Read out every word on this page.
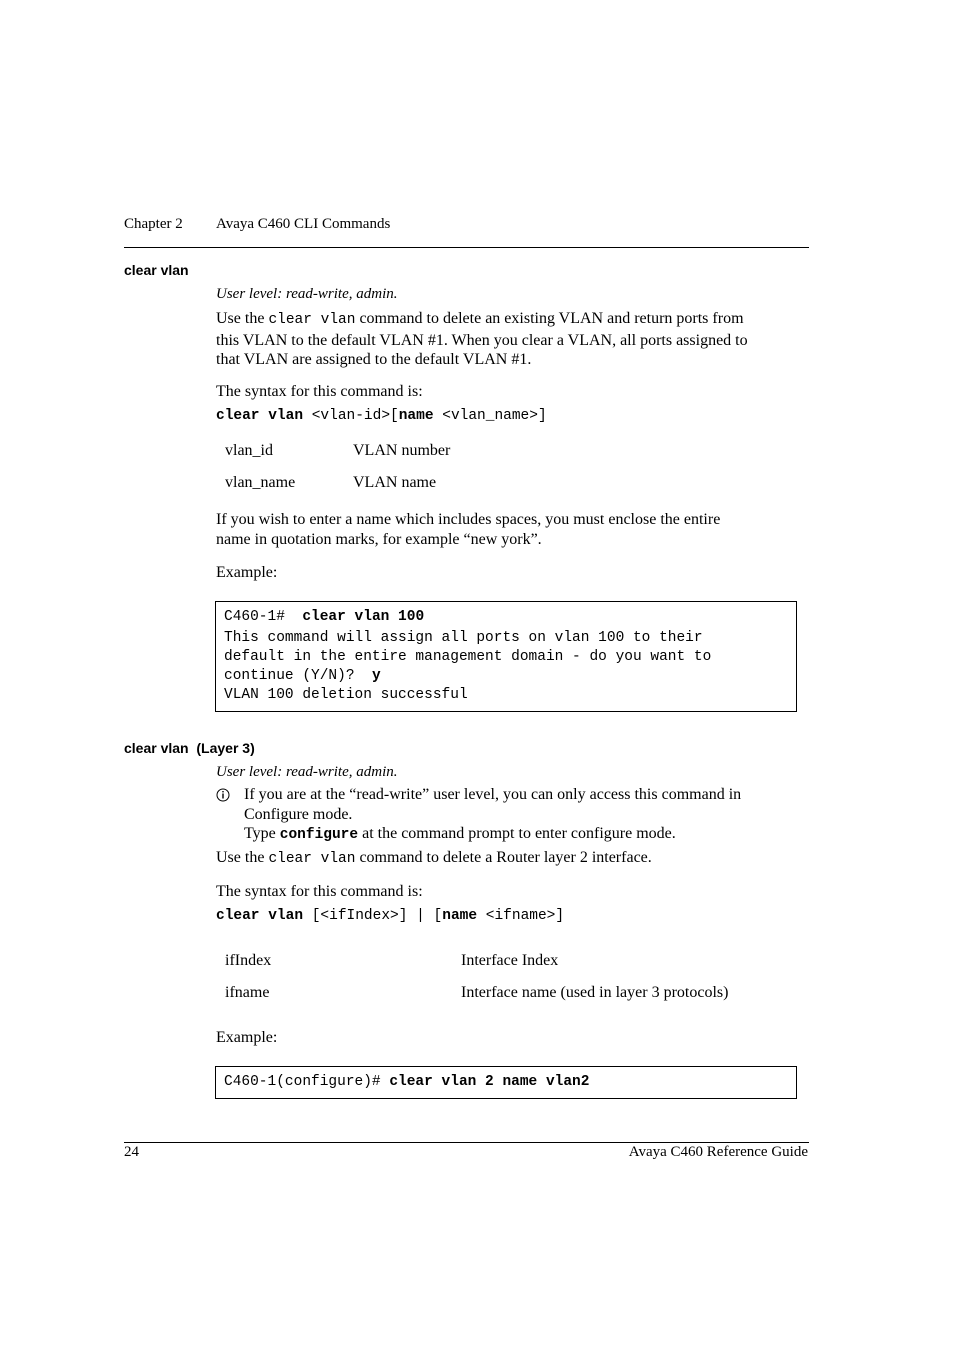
Chapter 2 Avaya C460 CLI Commands
clear vlan
User level: read-write, admin.
Use the clear vlan command to delete an existing VLAN and return ports from
this VLAN to the default VLAN #1. When you clear a VLAN, all ports assigned to
that VLAN are assigned to the default VLAN #1.
The syntax for this command is:
clear vlan <vlan-id>[name <vlan_name>]
vlan_id	VLAN number
vlan_name	VLAN name
If you wish to enter a name which includes spaces, you must enclose the entire
name in quotation marks, for example “new york”.
Example:
C460-1#  clear vlan 100
This command will assign all ports on vlan 100 to their
default in the entire management domain - do you want to
continue (Y/N)?  y
VLAN 100 deletion successful
clear vlan  (Layer 3)
User level: read-write, admin.
If you are at the “read-write” user level, you can only access this command in
Configure mode.
Type configure at the command prompt to enter configure mode.
Use the clear vlan command to delete a Router layer 2 interface.
The syntax for this command is:
clear vlan [<ifIndex>] | [name <ifname>]
ifIndex	Interface Index
ifname	Interface name (used in layer 3 protocols)
Example:
C460-1(configure)# clear vlan 2 name vlan2
24	Avaya C460 Reference Guide
